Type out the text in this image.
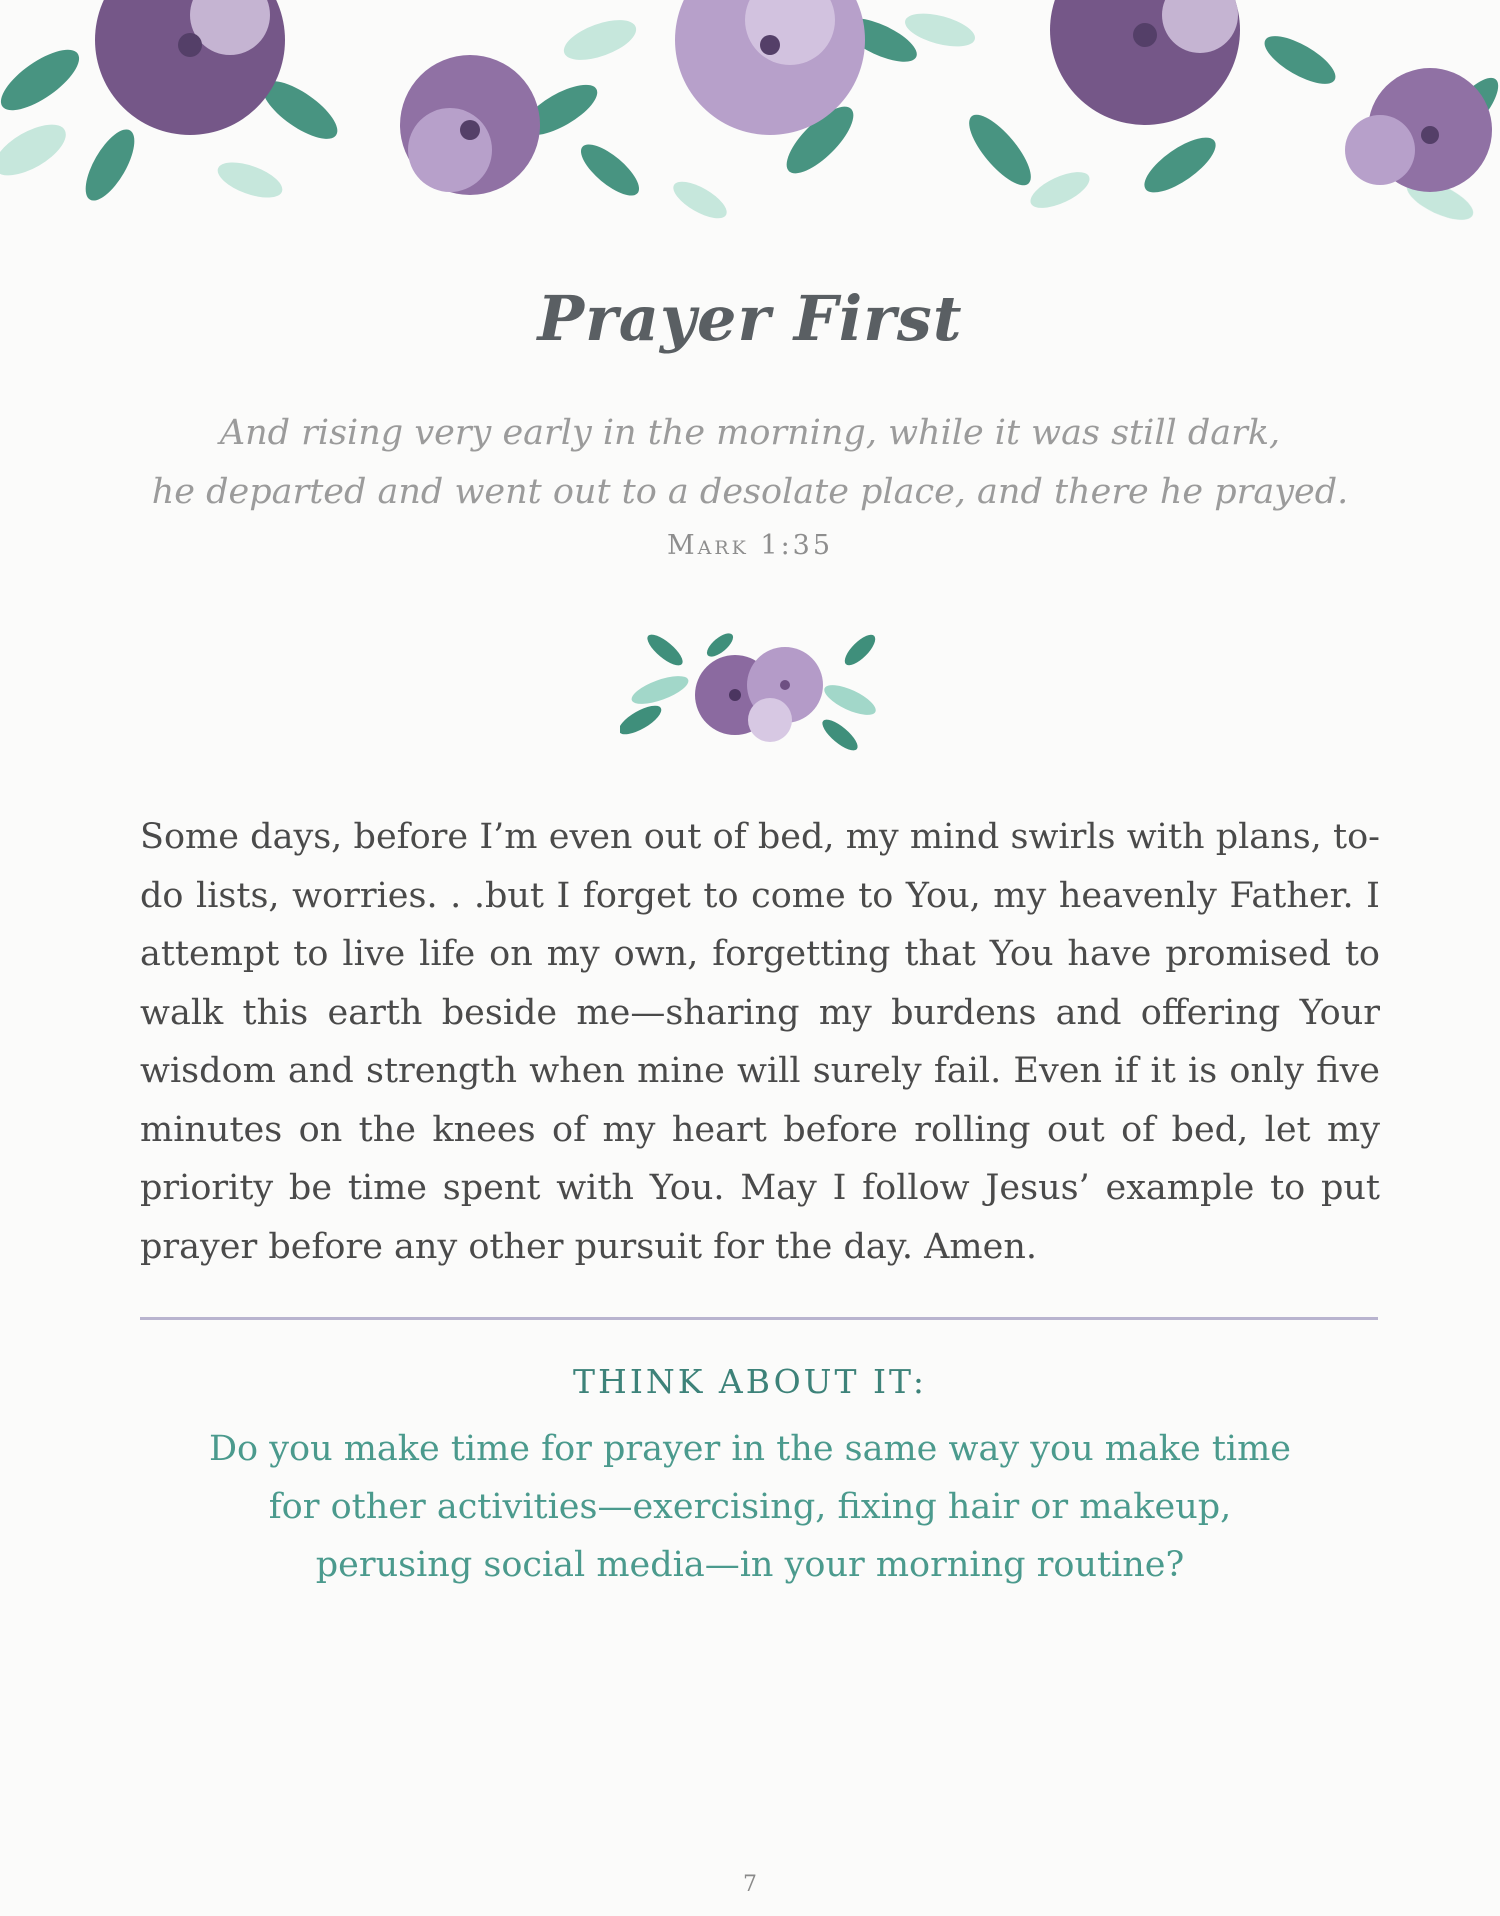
Prayer First
And rising very early in the morning, while it was still dark,
he departed and went out to a desolate place, and there he prayed.
Mark 1:35
Some days, before I’m even out of bed, my mind swirls with plans, to-do lists, worries. . .but I forget to come to You, my heavenly Father. I attempt to live life on my own, forgetting that You have promised to walk this earth beside me—sharing my burdens and offering Your wisdom and strength when mine will surely fail. Even if it is only five minutes on the knees of my heart before rolling out of bed, let my priority be time spent with You. May I follow Jesus’ example to put prayer before any other pursuit for the day. Amen.
THINK ABOUT IT:
Do you make time for prayer in the same way you make time for other activities—exercising, fixing hair or makeup, perusing social media—in your morning routine?
7
